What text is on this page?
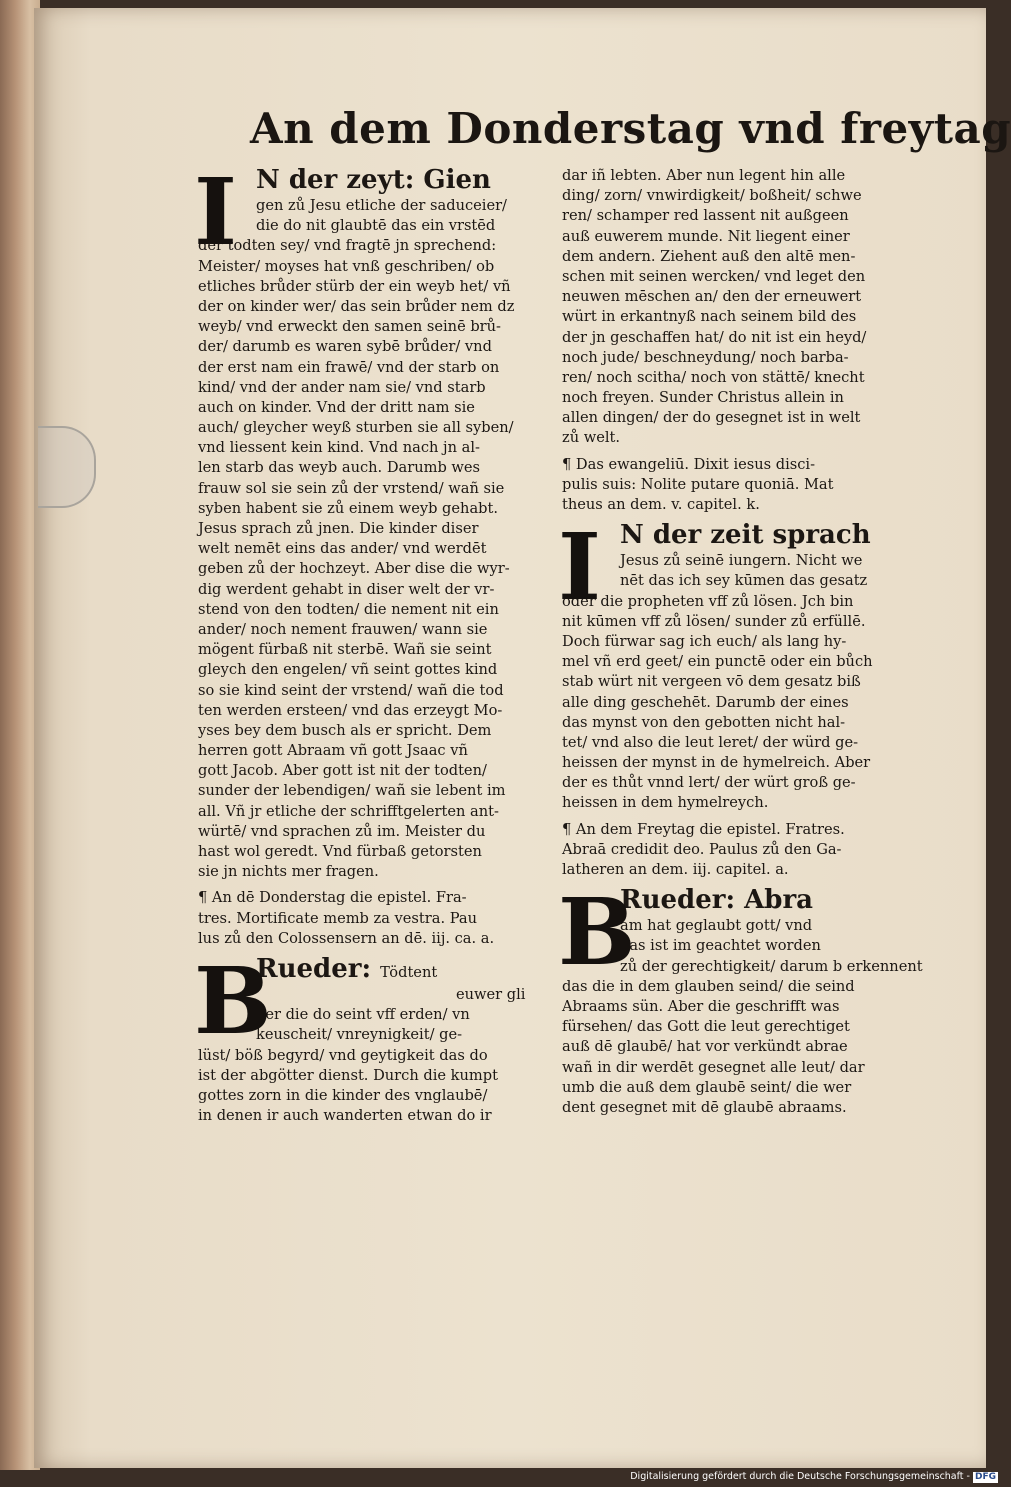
An dem Donderstag vnd freytag
I N der zeyt: Gien
gen zů Jesu etliche der saduceier/
die do nit glaubtē das ein vrstēd
der todten sey/ vnd fragtē jn sprechend:
Meister/ moyses hat vnß geschriben/ ob
etliches brůder stürb der ein weyb het/ vñ
der on kinder wer/ das sein brůder nem dz
weyb/ vnd erweckt den samen seinē brů-
der/ darumb es waren sybē brůder/ vnd
der erst nam ein frawē/ vnd der starb on
kind/ vnd der ander nam sie/ vnd starb
auch on kinder. Vnd der dritt nam sie
auch/ gleycher weyß sturben sie all syben/
vnd liessent kein kind. Vnd nach jn al-
len starb das weyb auch. Darumb wes
frauw sol sie sein zů der vrstend/ wañ sie
syben habent sie zů einem weyb gehabt.
Jesus sprach zů jnen. Die kinder diser
welt nemēt eins das ander/ vnd werdēt
geben zů der hochzeyt. Aber dise die wyr-
dig werdent gehabt in diser welt der vr-
stend von den todten/ die nement nit ein
ander/ noch nement frauwen/ wann sie
mögent fürbaß nit sterbē. Wañ sie seint
gleych den engelen/ vñ seint gottes kind
so sie kind seint der vrstend/ wañ die tod
ten werden ersteen/ vnd das erzeygt Mo-
yses bey dem busch als er spricht. Dem
herren gott Abraam vñ gott Jsaac vñ
gott Jacob. Aber gott ist nit der todten/
sunder der lebendigen/ wañ sie lebent im
all. Vñ jr etliche der schrifftgelerten ant-
würtē/ vnd sprachen zů im. Meister du
hast wol geredt. Vnd fürbaß getorsten
sie jn nichts mer fragen.
¶ An dē Donderstag die epistel. Fra-
tres. Mortificate memb za vestra. Pau
lus zů den Colossensern an dē. iij. ca. a.
B
Rueder: Tödtent
euwer gli
der die do seint vff erden/ vn
keuscheit/ vnreynigkeit/ ge-
lüst/ böß begyrd/ vnd geytigkeit das do
ist der abgötter dienst. Durch die kumpt
gottes zorn in die kinder des vnglaubē/
in denen ir auch wanderten etwan do ir
dar iñ lebten. Aber nun legent hin alle
ding/ zorn/ vnwirdigkeit/ boßheit/ schwe
ren/ schamper red lassent nit außgeen
auß euwerem munde. Nit liegent einer
dem andern. Ziehent auß den altē men-
schen mit seinen wercken/ vnd leget den
neuwen mēschen an/ den der erneuwert
würt in erkantnyß nach seinem bild des
der jn geschaffen hat/ do nit ist ein heyd/
noch jude/ beschneydung/ noch barba-
ren/ noch scitha/ noch von stättē/ knecht
noch freyen. Sunder Christus allein in
allen dingen/ der do gesegnet ist in welt
zů welt.
¶ Das ewangeliū. Dixit iesus disci-
pulis suis: Nolite putare quoniā. Mat
theus an dem. v. capitel. k.
I N der zeit sprach
Jesus zů seinē iungern. Nicht we
nēt das ich sey kūmen das gesatz
oder die propheten vff zů lösen. Jch bin
nit kūmen vff zů lösen/ sunder zů erfüllē.
Doch fürwar sag ich euch/ als lang hy-
mel vñ erd geet/ ein punctē oder ein bůch
stab würt nit vergeen vō dem gesatz biß
alle ding geschehēt. Darumb der eines
das mynst von den gebotten nicht hal-
tet/ vnd also die leut leret/ der würd ge-
heissen der mynst in de hymelreich. Aber
der es thůt vnnd lert/ der würt groß ge-
heissen in dem hymelreych.
¶ An dem Freytag die epistel. Fratres.
Abraā credidit deo. Paulus zů den Ga-
latheren an dem. iij. capitel. a.
B
Rueder: Abra
am hat geglaubt gott/ vnd
das ist im geachtet worden
zů der gerechtigkeit/ darum b erkennent
das die in dem glauben seind/ die seind
Abraams sün. Aber die geschrifft was
fürsehen/ das Gott die leut gerechtiget
auß dē glaubē/ hat vor verkündt abrae
wañ in dir werdēt gesegnet alle leut/ dar
umb die auß dem glaubē seint/ die wer
dent gesegnet mit dē glaubē abraams.
Digitalisierung gefördert durch die Deutsche Forschungsgemeinschaft - DFG
